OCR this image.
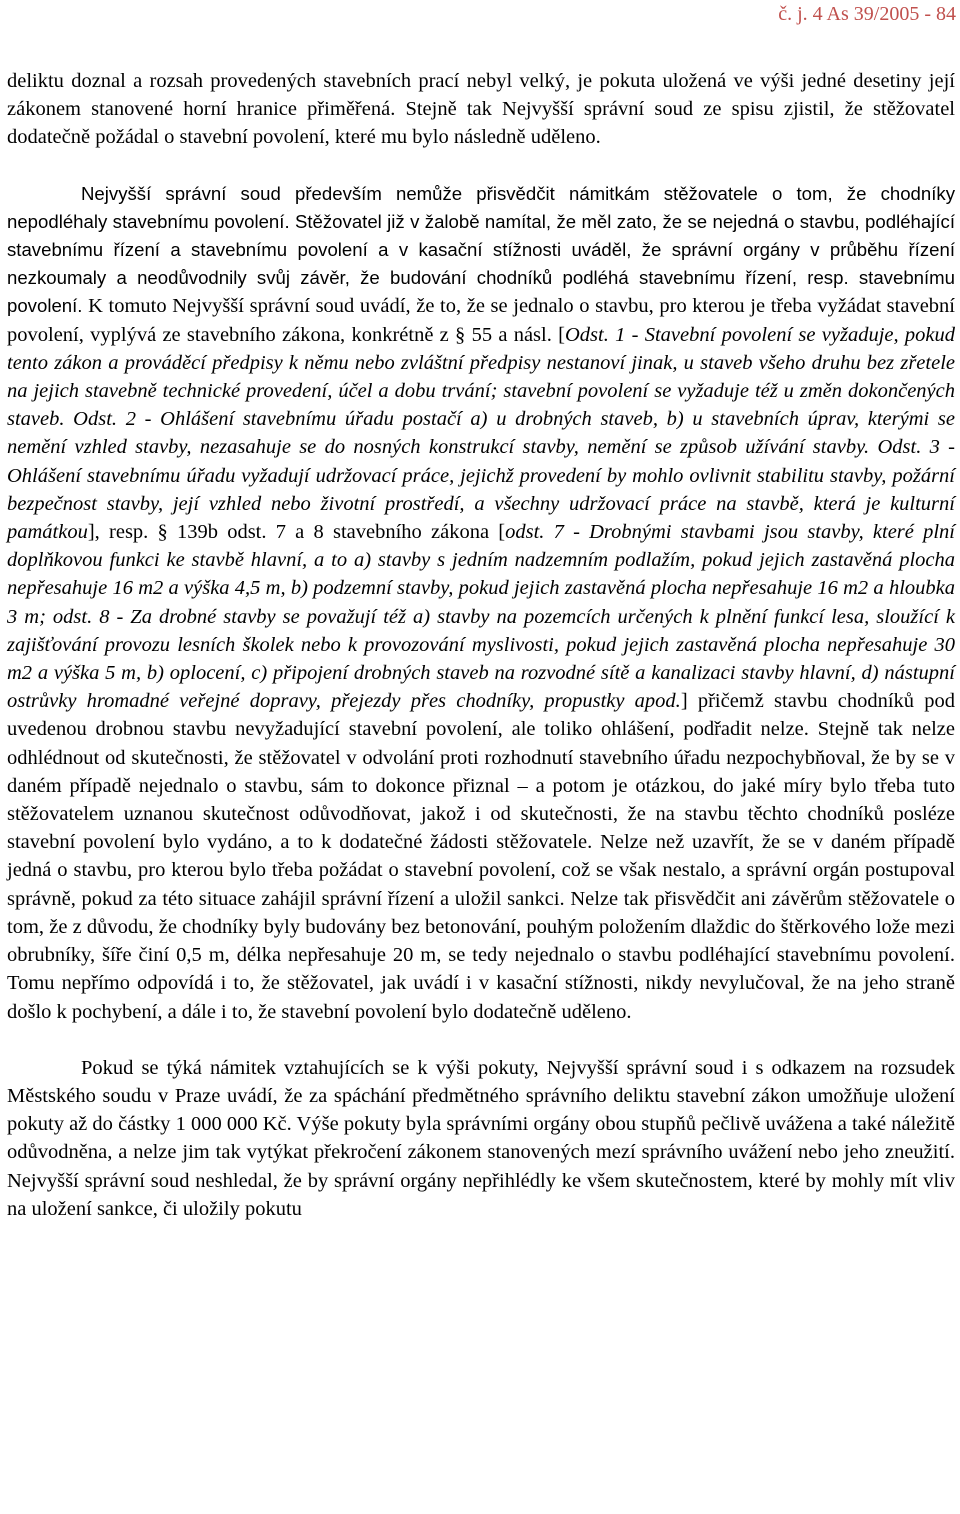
č. j. 4 As 39/2005 - 84

deliktu doznal a rozsah provedených stavebních prací nebyl velký, je pokuta uložená ve výši jedné desetiny její zákonem stanovené horní hranice přiměřená. Stejně tak Nejvyšší správní soud ze spisu zjistil, že stěžovatel dodatečně požádal o stavební povolení, které mu bylo následně uděleno.

Nejvyšší správní soud především nemůže přisvědčit námitkám stěžovatele o tom, že chodníky nepodléhaly stavebnímu povolení. Stěžovatel již v žalobě namítal, že měl zato, že se nejedná o stavbu, podléhající stavebnímu řízení a stavebnímu povolení a v kasační stížnosti uváděl, že správní orgány v průběhu řízení nezkoumaly a neodůvodnily svůj závěr, že budování chodníků podléhá stavebnímu řízení, resp. stavebnímu povolení. K tomuto Nejvyšší správní soud uvádí, že to, že se jednalo o stavbu, pro kterou je třeba vyžádat stavební povolení, vyplývá ze stavebního zákona, konkrétně z § 55 a násl. [Odst. 1 - Stavební povolení se vyžaduje, pokud tento zákon a prováděcí předpisy k němu nebo zvláštní předpisy nestanoví jinak, u staveb všeho druhu bez zřetele na jejich stavebně technické provedení, účel a dobu trvání; stavební povolení se vyžaduje též u změn dokončených staveb. Odst. 2 - Ohlášení stavebnímu úřadu postačí a) u drobných staveb, b) u stavebních úprav, kterými se nemění vzhled stavby, nezasahuje se do nosných konstrukcí stavby, nemění se způsob užívání stavby. Odst. 3 - Ohlášení stavebnímu úřadu vyžadují udržovací práce, jejichž provedení by mohlo ovlivnit stabilitu stavby, požární bezpečnost stavby, její vzhled nebo životní prostředí, a všechny udržovací práce na stavbě, která je kulturní památkou], resp. § 139b odst. 7 a 8 stavebního zákona [odst. 7 - Drobnými stavbami jsou stavby, které plní doplňkovou funkci ke stavbě hlavní, a to a) stavby s jedním nadzemním podlažím, pokud jejich zastavěná plocha nepřesahuje 16 m2 a výška 4,5 m, b) podzemní stavby, pokud jejich zastavěná plocha nepřesahuje 16 m2 a hloubka 3 m; odst. 8 - Za drobné stavby se považují též a) stavby na pozemcích určených k plnění funkcí lesa, sloužící k zajišťování provozu lesních školek nebo k provozování myslivosti, pokud jejich zastavěná plocha nepřesahuje 30 m2 a výška 5 m, b) oplocení, c) připojení drobných staveb na rozvodné sítě a kanalizaci stavby hlavní, d) nástupní ostrůvky hromadné veřejné dopravy, přejezdy přes chodníky, propustky apod.] přičemž stavbu chodníků pod uvedenou drobnou stavbu nevyžadující stavební povolení, ale toliko ohlášení, podřadit nelze. Stejně tak nelze odhlédnout od skutečnosti, že stěžovatel v odvolání proti rozhodnutí stavebního úřadu nezpochybňoval, že by se v daném případě nejednalo o stavbu, sám to dokonce přiznal – a potom je otázkou, do jaké míry bylo třeba tuto stěžovatelem uznanou skutečnost odůvodňovat, jakož i od skutečnosti, že na stavbu těchto chodníků posléze stavební povolení bylo vydáno, a to k dodatečné žádosti stěžovatele. Nelze než uzavřít, že se v daném případě jedná o stavbu, pro kterou bylo třeba požádat o stavební povolení, což se však nestalo, a správní orgán postupoval správně, pokud za této situace zahájil správní řízení a uložil sankci. Nelze tak přisvědčit ani závěrům stěžovatele o tom, že z důvodu, že chodníky byly budovány bez betonování, pouhým položením dlaždic do štěrkového lože mezi obrubníky, šíře činí 0,5 m, délka nepřesahuje 20 m, se tedy nejednalo o stavbu podléhající stavebnímu povolení. Tomu nepřímo odpovídá i to, že stěžovatel, jak uvádí i v kasační stížnosti, nikdy nevylučoval, že na jeho straně došlo k pochybení, a dále i to, že stavební povolení bylo dodatečně uděleno.

Pokud se týká námitek vztahujících se k výši pokuty, Nejvyšší správní soud i s odkazem na rozsudek Městského soudu v Praze uvádí, že za spáchání předmětného správního deliktu stavební zákon umožňuje uložení pokuty až do částky 1 000 000 Kč. Výše pokuty byla správními orgány obou stupňů pečlivě uvážena a také náležitě odůvodněna, a nelze jim tak vytýkat překročení zákonem stanovených mezí správního uvážení nebo jeho zneužití. Nejvyšší správní soud neshledal, že by správní orgány nepřihlédly ke všem skutečnostem, které by mohly mít vliv na uložení sankce, či uložily pokutu
